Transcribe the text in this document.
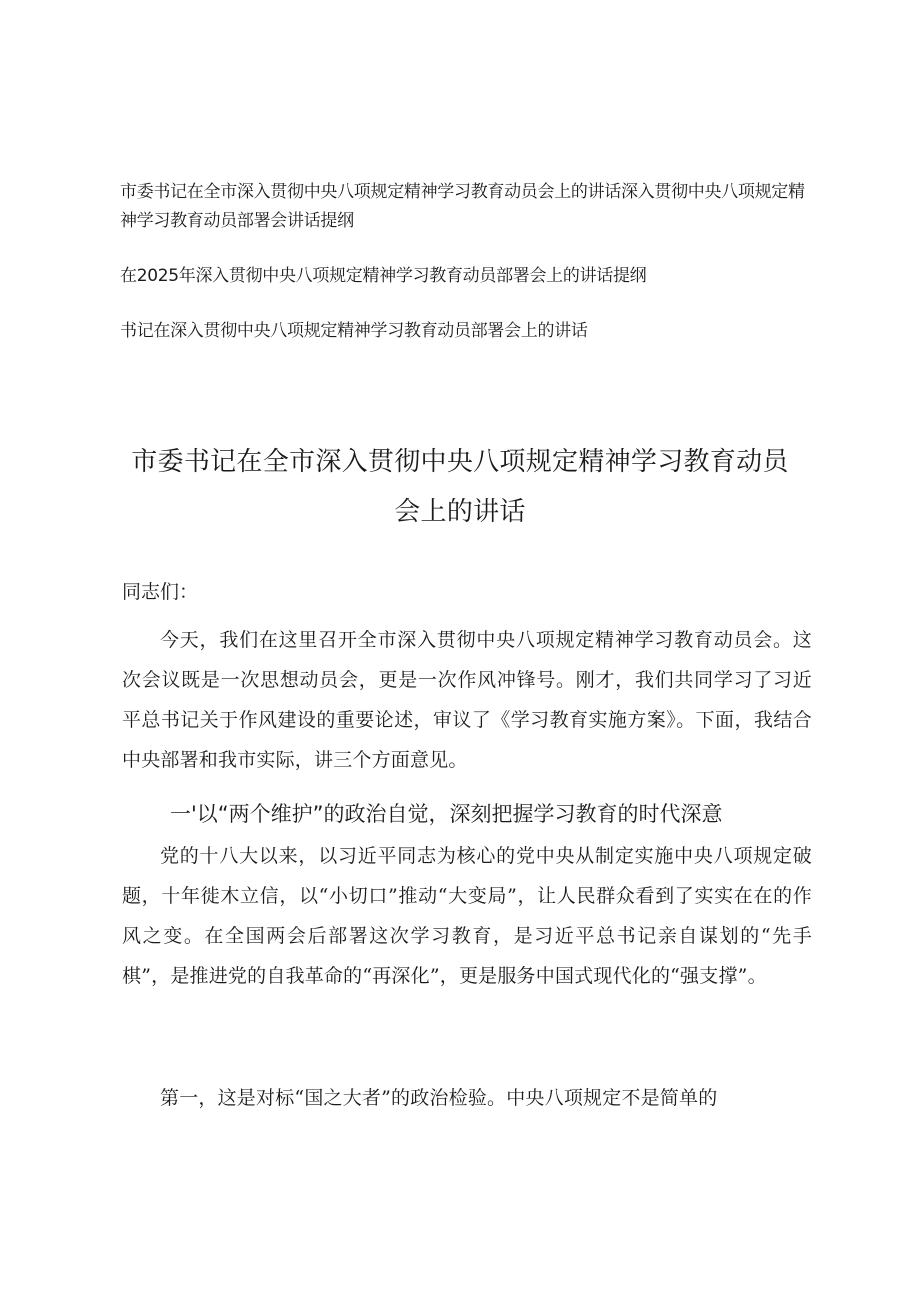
市委书记在全市深入贯彻中央八项规定精神学习教育动员会上的讲话深入贯彻中央八项规定精神学习教育动员部署会讲话提纲
在2025年深入贯彻中央八项规定精神学习教育动员部署会上的讲话提纲
书记在深入贯彻中央八项规定精神学习教育动员部署会上的讲话
市委书记在全市深入贯彻中央八项规定精神学习教育动员会上的讲话
同志们：
今天，我们在这里召开全市深入贯彻中央八项规定精神学习教育动员会。这次会议既是一次思想动员会，更是一次作风冲锋号。刚才，我们共同学习了习近平总书记关于作风建设的重要论述，审议了《学习教育实施方案》。下面，我结合中央部署和我市实际，讲三个方面意见。
一'以“两个维护”的政治自觉，深刻把握学习教育的时代深意
党的十八大以来，以习近平同志为核心的党中央从制定实施中央八项规定破题，十年徙木立信，以“小切口”推动“大变局”，让人民群众看到了实实在在的作风之变。在全国两会后部署这次学习教育，是习近平总书记亲自谋划的“先手棋”，是推进党的自我革命的“再深化”，更是服务中国式现代化的“强支撑”。
第一，这是对标“国之大者”的政治检验。中央八项规定不是简单的
